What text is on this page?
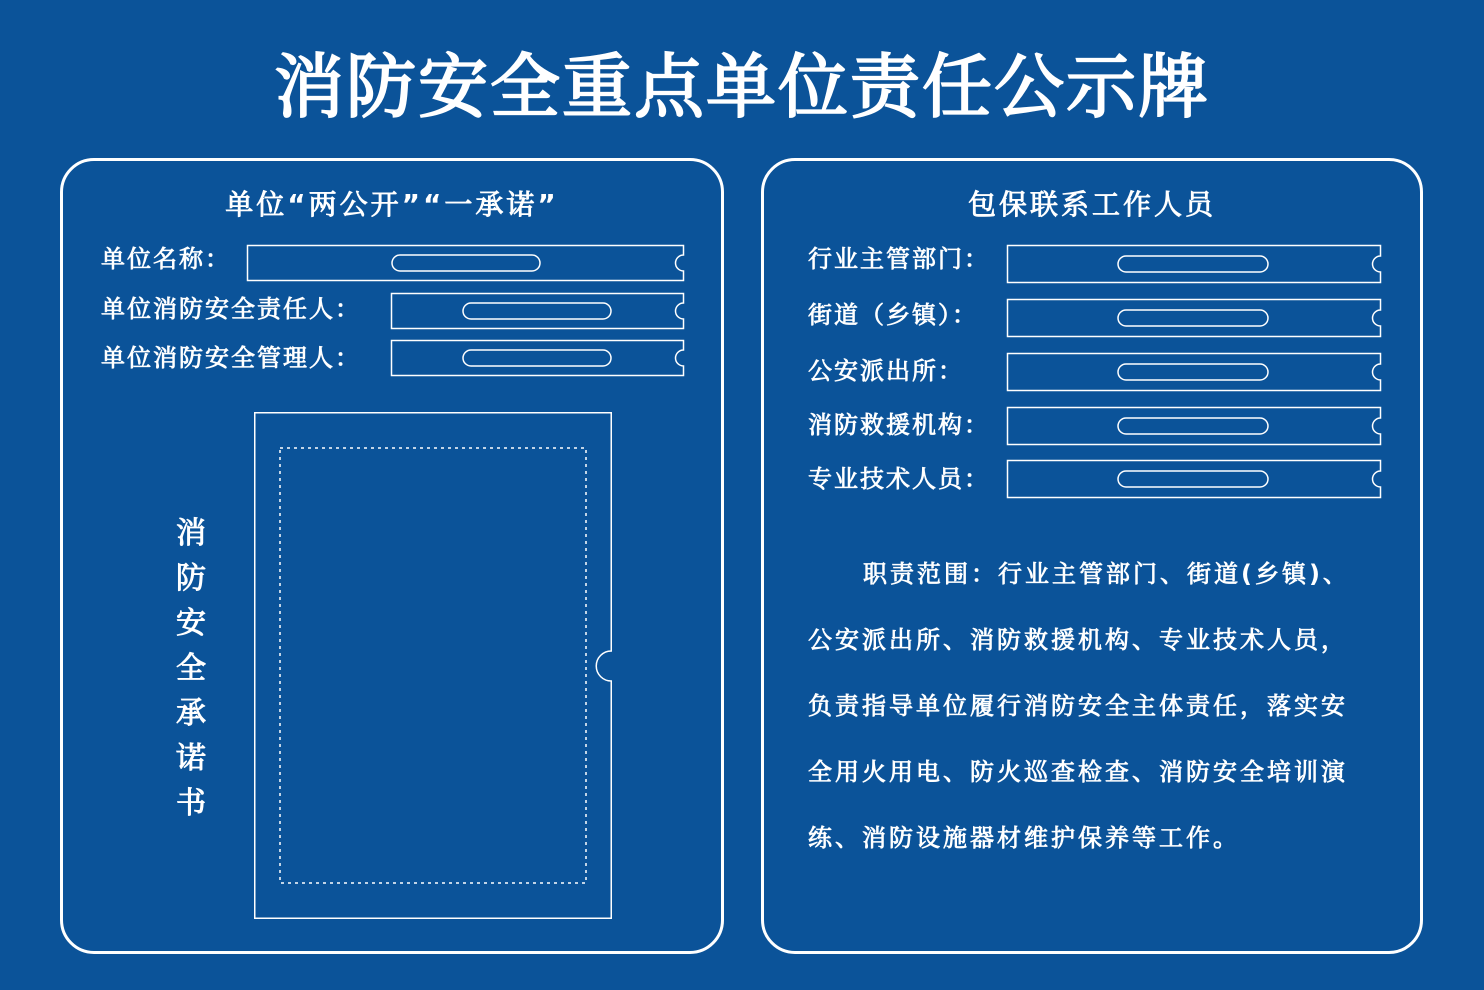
消防安全重点单位责任公示牌
单位“两公开”“一承诺”
单位名称：
单位消防安全责任人：
单位消防安全管理人：
消
防
安
全
承
诺
书
包保联系工作人员
行业主管部门：
街道（乡镇）：
公安派出所：
消防救援机构：
专业技术人员：
职责范围：行业主管部门、街道(乡镇)、
公安派出所、消防救援机构、专业技术人员，
负责指导单位履行消防安全主体责任，落实安
全用火用电、防火巡查检查、消防安全培训演
练、消防设施器材维护保养等工作。
